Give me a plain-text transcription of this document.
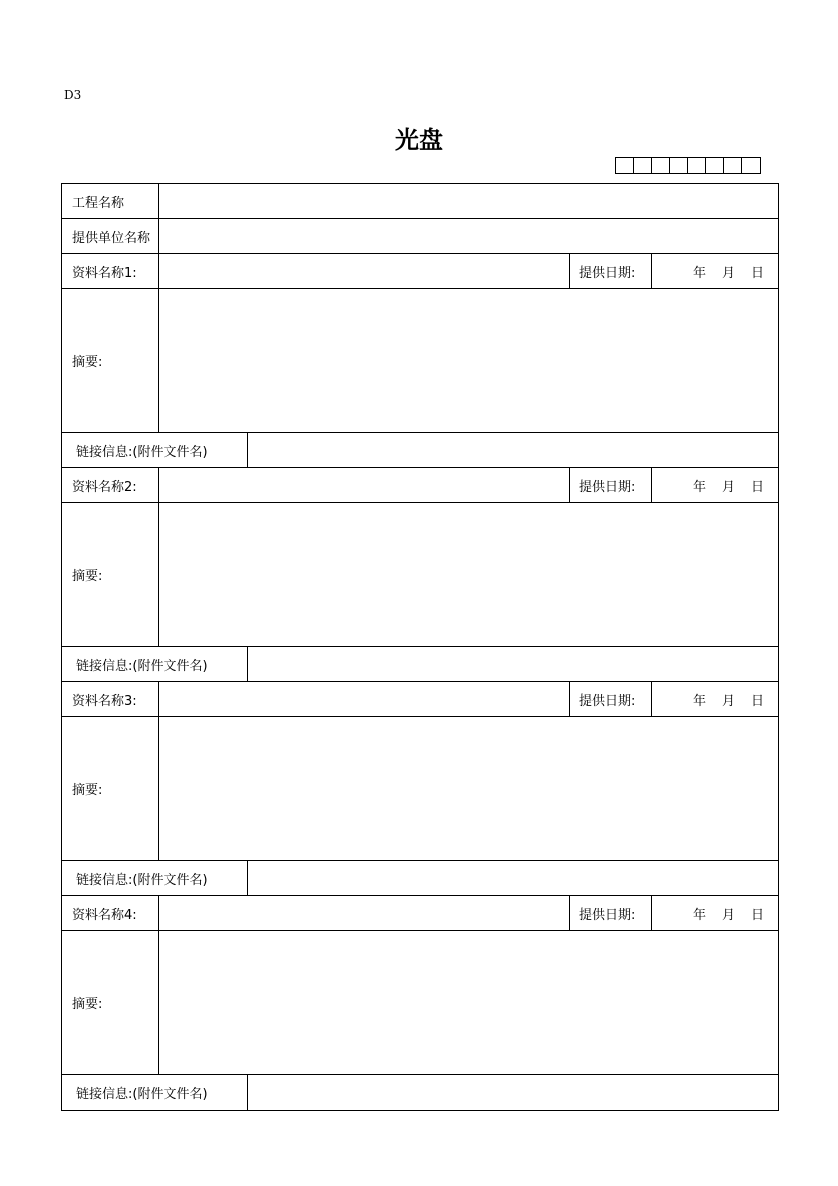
D3
光盘
工程名称
提供单位名称
资料名称1:	提供日期:	年 月 日
摘要:
链接信息:(附件文件名)
资料名称2:	提供日期:	年 月 日
摘要:
链接信息:(附件文件名)
资料名称3:	提供日期:	年 月 日
摘要:
链接信息:(附件文件名)
资料名称4:	提供日期:	年 月 日
摘要:
链接信息:(附件文件名)
